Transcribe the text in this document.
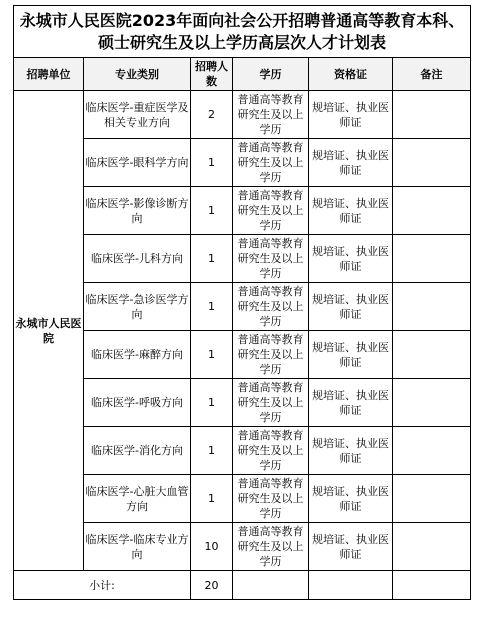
永城市人民医院2023年面向社会公开招聘普通高等教育本科、硕士研究生及以上学历高层次人才计划表					
招聘单位	专业类别	招聘人数	学历	资格证	备注
永城市人民医院	临床医学-重症医学及相关专业方向	2	普通高等教育研究生及以上学历	规培证、执业医师证	
	临床医学-眼科学方向	1	普通高等教育研究生及以上学历	规培证、执业医师证	
	临床医学-影像诊断方向	1	普通高等教育研究生及以上学历	规培证、执业医师证	
	临床医学-儿科方向	1	普通高等教育研究生及以上学历	规培证、执业医师证	
	临床医学-急诊医学方向	1	普通高等教育研究生及以上学历	规培证、执业医师证	
	临床医学-麻醉方向	1	普通高等教育研究生及以上学历	规培证、执业医师证	
	临床医学-呼吸方向	1	普通高等教育研究生及以上学历	规培证、执业医师证	
	临床医学-消化方向	1	普通高等教育研究生及以上学历	规培证、执业医师证	
	临床医学-心脏大血管方向	1	普通高等教育研究生及以上学历	规培证、执业医师证	
	临床医学-临床专业方向	10	普通高等教育研究生及以上学历	规培证、执业医师证	
小计:		20			
